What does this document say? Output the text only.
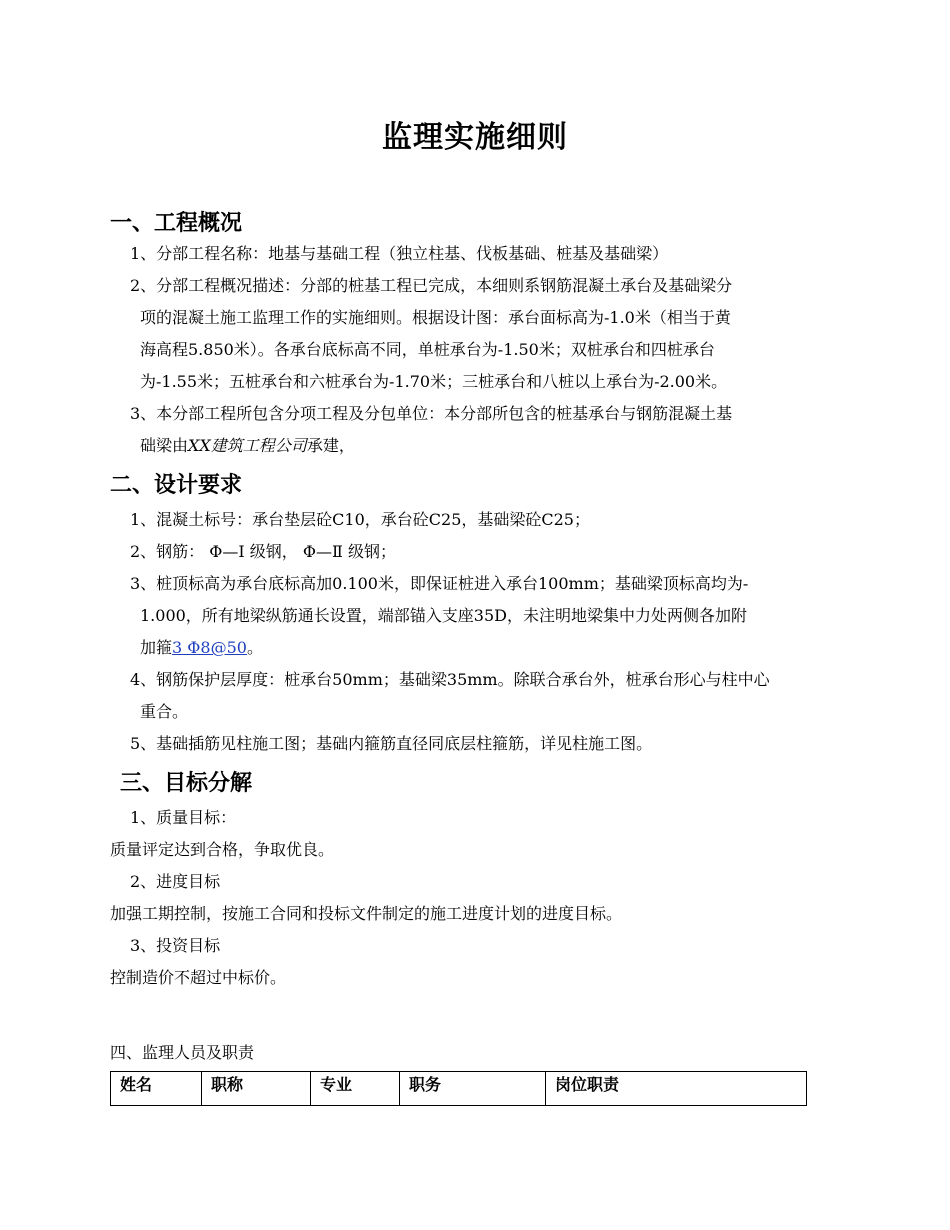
监理实施细则
一、工程概况
1、分部工程名称：地基与基础工程（独立柱基、伐板基础、桩基及基础梁）
2、分部工程概况描述：分部的桩基工程已完成，本细则系钢筋混凝土承台及基础梁分
项的混凝土施工监理工作的实施细则。根据设计图：承台面标高为-1.0米（相当于黄
海高程5.850米）。各承台底标高不同，单桩承台为-1.50米；双桩承台和四桩承台
为-1.55米；五桩承台和六桩承台为-1.70米；三桩承台和八桩以上承台为-2.00米。
3、本分部工程所包含分项工程及分包单位：本分部所包含的桩基承台与钢筋混凝土基
础梁由XX建筑工程公司承建，
二、设计要求
1、混凝土标号：承台垫层砼C10，承台砼C25，基础梁砼C25；
2、钢筋： Φ—Ⅰ 级钢， Φ—Ⅱ 级钢；
3、桩顶标高为承台底标高加0.100米，即保证桩进入承台100mm；基础梁顶标高均为-
1.000，所有地梁纵筋通长设置，端部锚入支座35D，未注明地梁集中力处两侧各加附
加箍3 Φ8@50。
4、钢筋保护层厚度：桩承台50mm；基础梁35mm。除联合承台外，桩承台形心与柱中心
重合。
5、基础插筋见柱施工图；基础内箍筋直径同底层柱箍筋，详见柱施工图。
三、目标分解
1、质量目标：
质量评定达到合格，争取优良。
2、进度目标
加强工期控制，按施工合同和投标文件制定的施工进度计划的进度目标。
3、投资目标
控制造价不超过中标价。
四、监理人员及职责
姓名	职称	专业	职务	岗位职责
